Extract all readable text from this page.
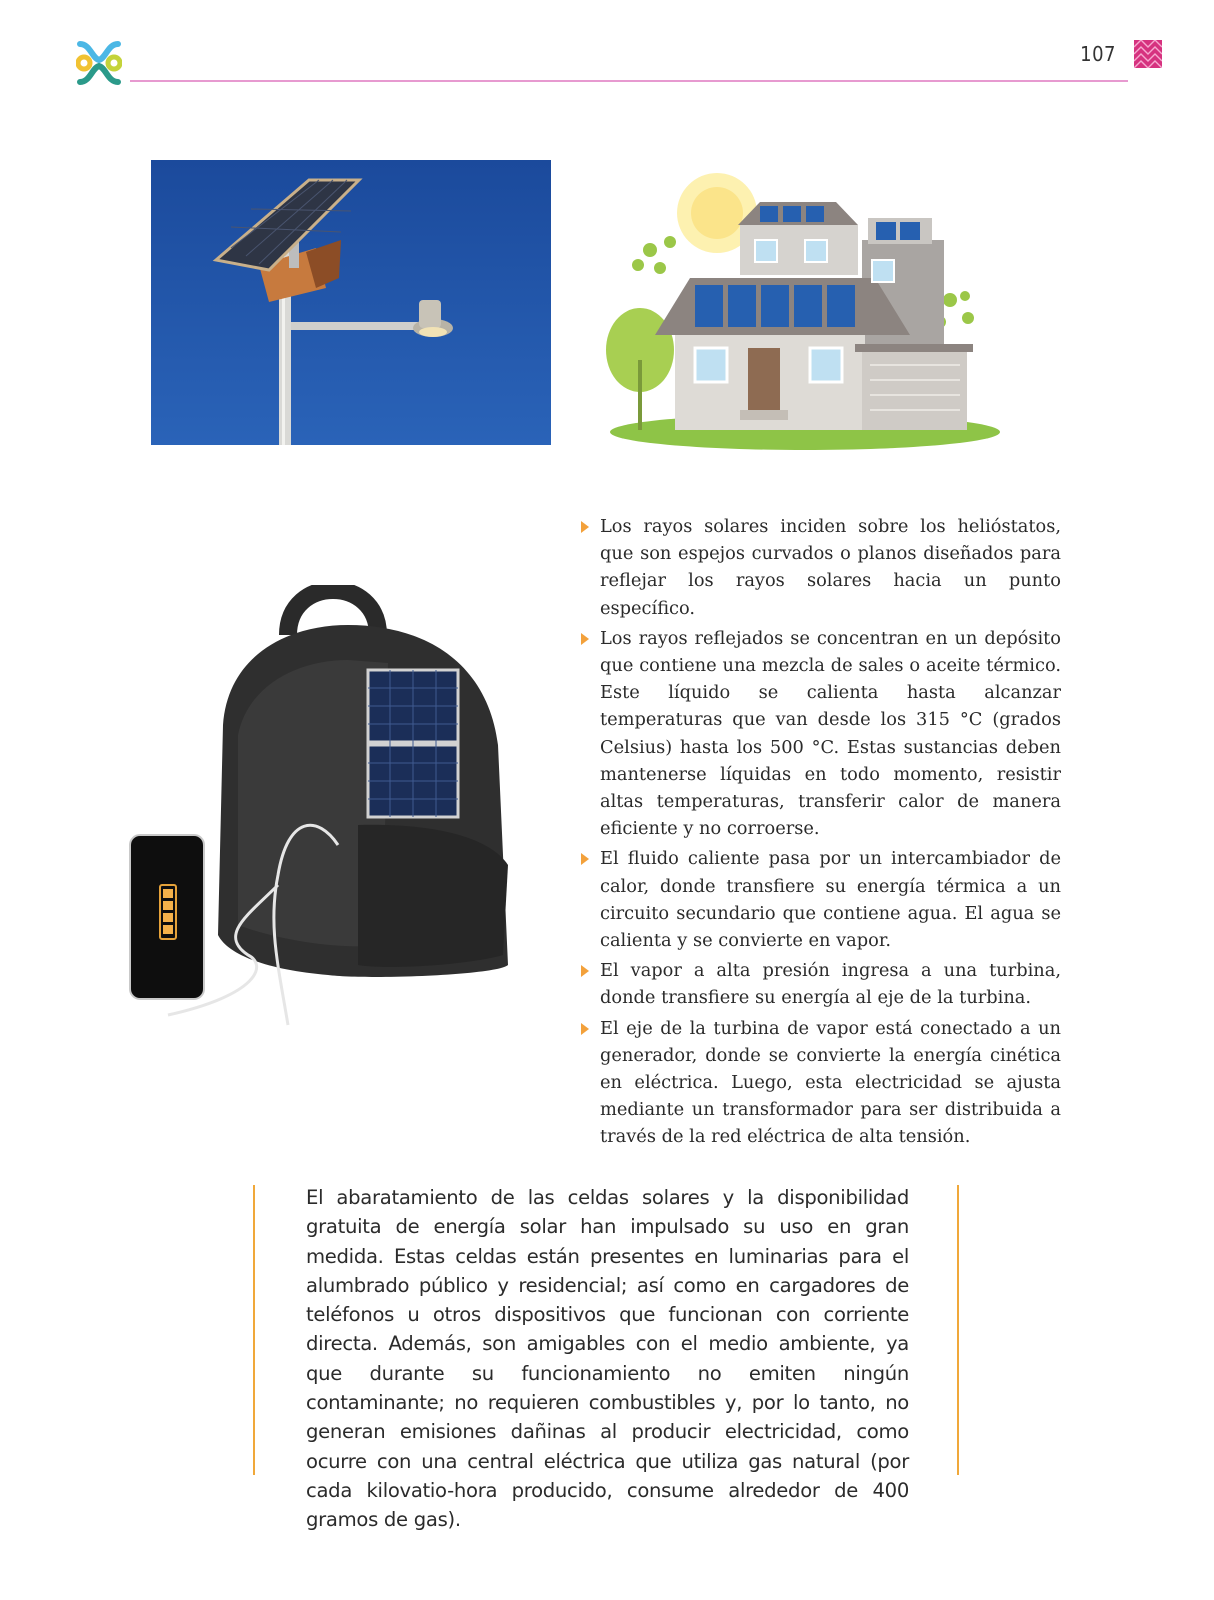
107
Los rayos solares inciden sobre los helióstatos, que son espejos curvados o planos diseñados para reflejar los rayos solares hacia un punto específico.
Los rayos reflejados se concentran en un depósito que contiene una mezcla de sales o aceite térmico. Este líquido se calienta hasta alcanzar temperaturas que van desde los 315 °C (grados Celsius) hasta los 500 °C. Estas sustancias deben mantenerse líquidas en todo momento, resistir altas temperaturas, transferir calor de manera eficiente y no corroerse.
El fluido caliente pasa por un intercambiador de calor, donde transfiere su energía térmica a un circuito secundario que contiene agua. El agua se calienta y se convierte en vapor.
El vapor a alta presión ingresa a una turbina, donde transfiere su energía al eje de la turbina.
El eje de la turbina de vapor está conectado a un generador, donde se convierte la energía cinética en eléctrica. Luego, esta electricidad se ajusta mediante un transformador para ser distribuida a través de la red eléctrica de alta tensión.

El abaratamiento de las celdas solares y la disponibilidad gratuita de energía solar han impulsado su uso en gran medida. Estas celdas están presentes en luminarias para el alumbrado público y residencial; así como en cargadores de teléfonos u otros dispositivos que funcionan con corriente directa. Además, son amigables con el medio ambiente, ya que durante su funcionamiento no emiten ningún contaminante; no requieren combustibles y, por lo tanto, no generan emisiones dañinas al producir electricidad, como ocurre con una central eléctrica que utiliza gas natural (por cada kilovatio-hora producido, consume alrededor de 400 gramos de gas).
